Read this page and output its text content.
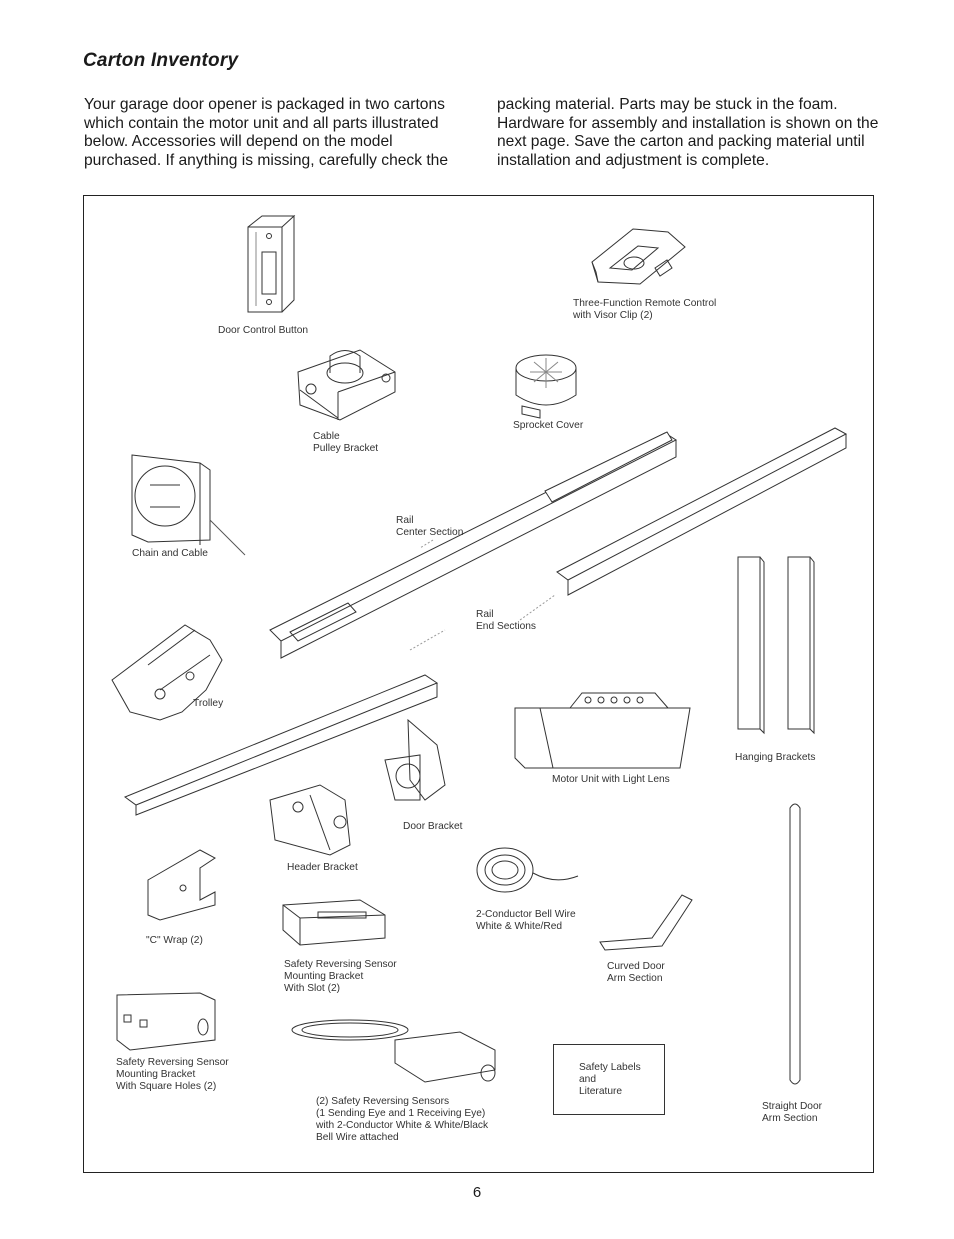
Carton Inventory

Your garage door opener is packaged in two cartons which contain the motor unit and all parts illustrated below. Accessories will depend on the model purchased. If anything is missing, carefully check the

packing material. Parts may be stuck in the foam. Hardware for assembly and installation is shown on the next page. Save the carton and packing material until installation and adjustment is complete.

Door Control Button

Three-Function Remote Control
with Visor Clip (2)

Cable
Pulley Bracket

Sprocket Cover

Chain and Cable

Rail
Center Section

Rail
End Sections

Trolley

Hanging Brackets

Motor Unit with Light Lens

Door Bracket

Header Bracket

2-Conductor Bell Wire
White & White/Red

"C" Wrap (2)

Safety Reversing Sensor
Mounting Bracket
With Slot (2)

Curved Door
Arm Section

Safety Reversing Sensor
Mounting Bracket
With Square Holes (2)

(2) Safety Reversing Sensors
(1 Sending Eye and 1 Receiving Eye)
with 2-Conductor White & White/Black
Bell Wire attached

Safety Labels
and
Literature

Straight Door
Arm Section

6
